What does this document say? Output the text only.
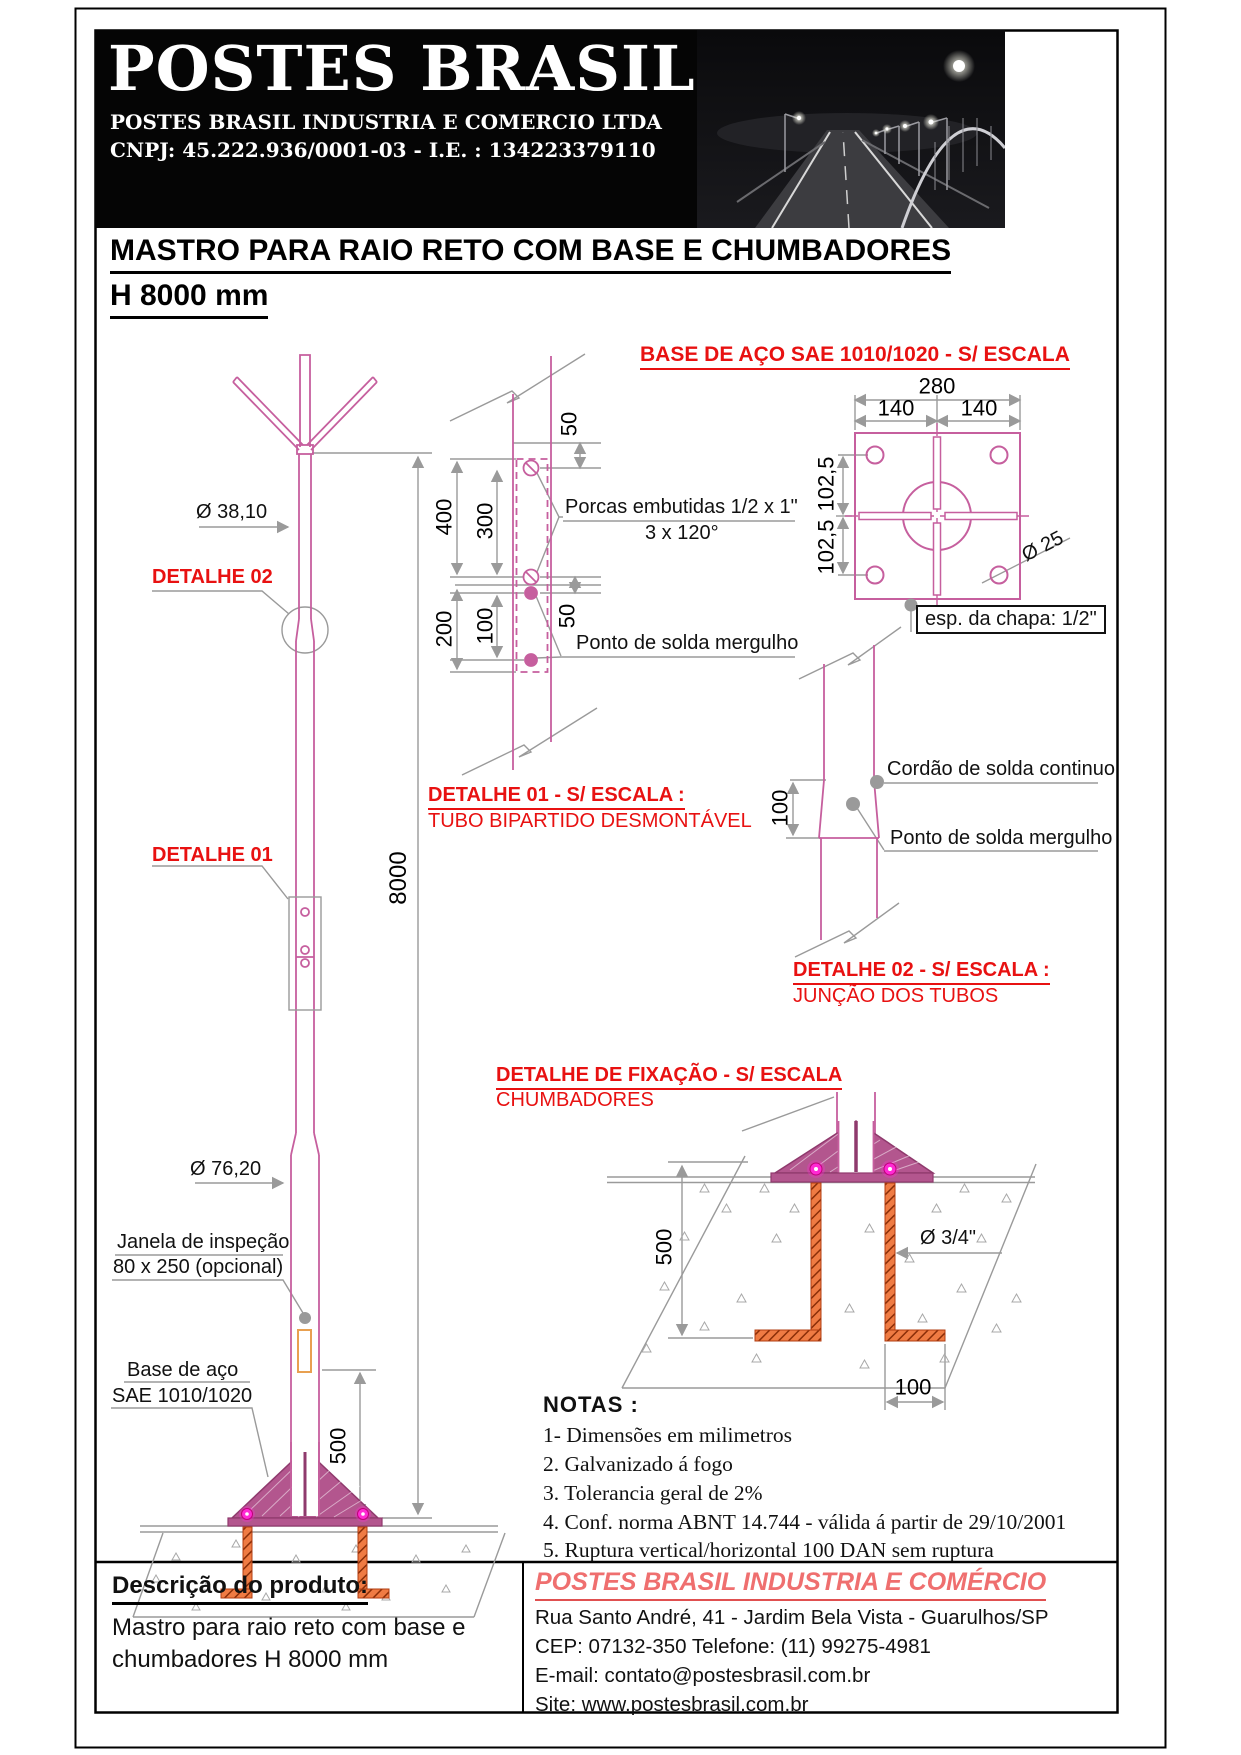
POSTES BRASIL
POSTES BRASIL INDUSTRIA E COMERCIO LTDA
CNPJ: 45.222.936/0001-03 - I.E. : 134223379110
MASTRO PARA RAIO RETO COM BASE E CHUMBADORES
H 8000 mm
Ø 38,10
DETALHE 02
DETALHE 01
Ø 76,20
Janela de inspeção
80 x 250 (opcional)
Base de aço
SAE 1010/1020
8000
500
50
400 300
200 100	50
Porcas embutidas 1/2 x 1"
3 x 120°
Ponto de solda mergulho
DETALHE 01 - S/ ESCALA :
TUBO BIPARTIDO DESMONTÁVEL
BASE DE AÇO SAE 1010/1020 - S/ ESCALA
280
140 140
102,5
102,5	Ø 25
esp. da chapa: 1/2"
100
Cordão de solda continuo
Ponto de solda mergulho
DETALHE 02 - S/ ESCALA :
JUNÇÃO DOS TUBOS
DETALHE DE FIXAÇÃO - S/ ESCALA
CHUMBADORES
500	Ø 3/4"
100
NOTAS :
1- Dimensões em milimetros
2. Galvanizado á fogo
3. Tolerancia geral de 2%
4. Conf. norma ABNT 14.744 - válida á partir de 29/10/2001
5. Ruptura vertical/horizontal 100 DAN sem ruptura
Descrição do produto:
Mastro para raio reto com base e
chumbadores H 8000 mm
POSTES BRASIL INDUSTRIA E COMÉRCIO
Rua Santo André, 41 - Jardim Bela Vista - Guarulhos/SP
CEP: 07132-350 Telefone: (11) 99275-4981
E-mail: contato@postesbrasil.com.br
Site: www.postesbrasil.com.br
